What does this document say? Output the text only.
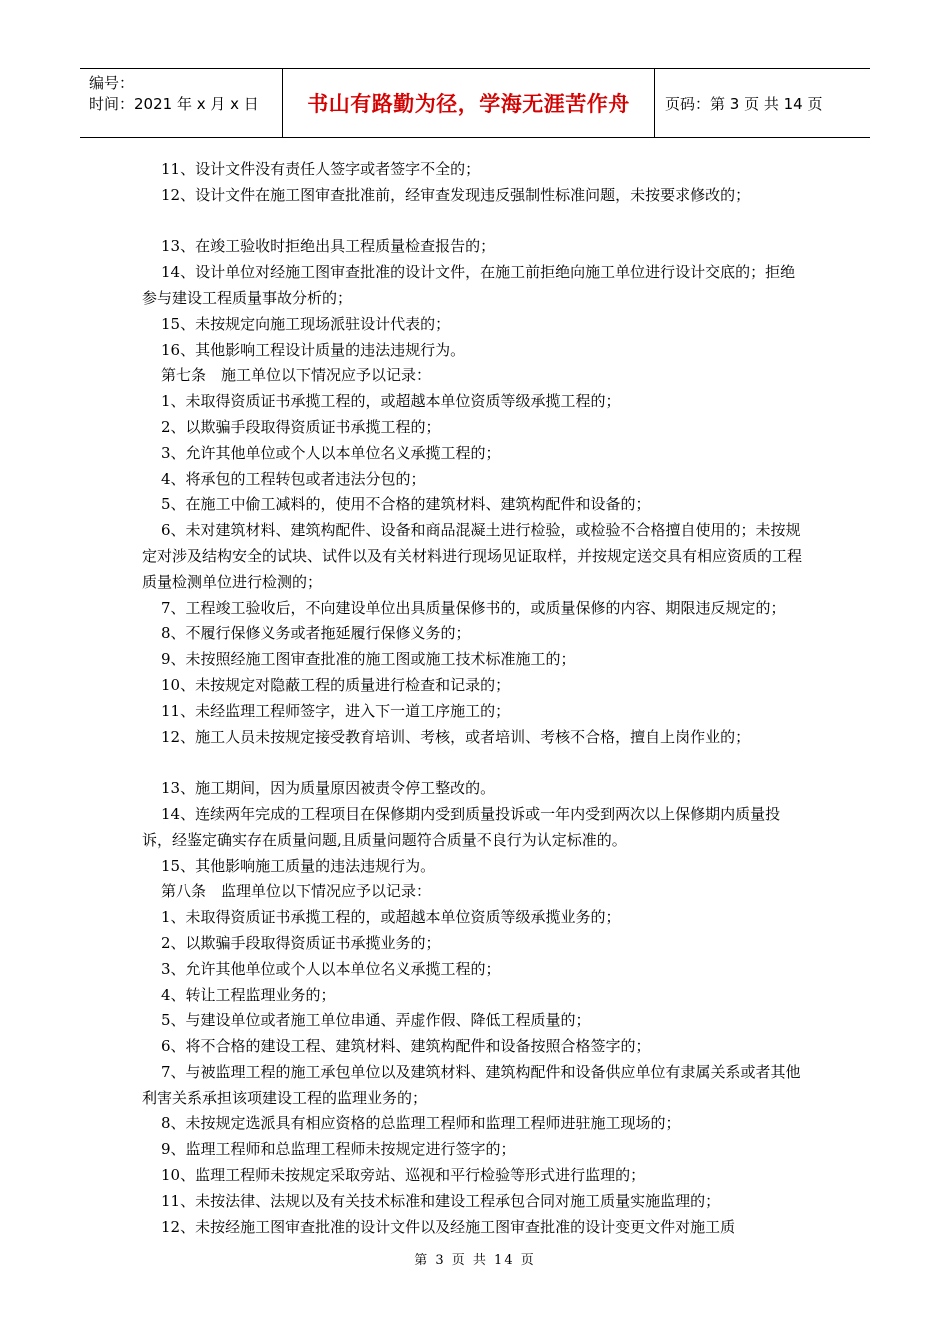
编号：
时间：2021 年 x 月 x 日	书山有路勤为径，学海无涯苦作舟 页码：第 3 页 共 14 页

11、设计文件没有责任人签字或者签字不全的；

12、设计文件在施工图审查批准前，经审查发现违反强制性标准问题，未按要求修改的；

13、在竣工验收时拒绝出具工程质量检查报告的；

14、设计单位对经施工图审查批准的设计文件，在施工前拒绝向施工单位进行设计交底的；拒绝参与建设工程质量事故分析的；

15、未按规定向施工现场派驻设计代表的；

16、其他影响工程设计质量的违法违规行为。

第七条　施工单位以下情况应予以记录：

1、未取得资质证书承揽工程的，或超越本单位资质等级承揽工程的；

2、以欺骗手段取得资质证书承揽工程的；

3、允许其他单位或个人以本单位名义承揽工程的；

4、将承包的工程转包或者违法分包的；

5、在施工中偷工减料的，使用不合格的建筑材料、建筑构配件和设备的；

6、未对建筑材料、建筑构配件、设备和商品混凝土进行检验，或检验不合格擅自使用的；未按规定对涉及结构安全的试块、试件以及有关材料进行现场见证取样，并按规定送交具有相应资质的工程质量检测单位进行检测的；

7、工程竣工验收后，不向建设单位出具质量保修书的，或质量保修的内容、期限违反规定的；

8、不履行保修义务或者拖延履行保修义务的；

9、未按照经施工图审查批准的施工图或施工技术标准施工的；

10、未按规定对隐蔽工程的质量进行检查和记录的；

11、未经监理工程师签字，进入下一道工序施工的；

12、施工人员未按规定接受教育培训、考核，或者培训、考核不合格，擅自上岗作业的；

13、施工期间，因为质量原因被责令停工整改的。

14、连续两年完成的工程项目在保修期内受到质量投诉或一年内受到两次以上保修期内质量投诉，经鉴定确实存在质量问题,且质量问题符合质量不良行为认定标准的。

15、其他影响施工质量的违法违规行为。

第八条　监理单位以下情况应予以记录：

1、未取得资质证书承揽工程的，或超越本单位资质等级承揽业务的；

2、以欺骗手段取得资质证书承揽业务的；

3、允许其他单位或个人以本单位名义承揽工程的；

4、转让工程监理业务的；

5、与建设单位或者施工单位串通、弄虚作假、降低工程质量的；

6、将不合格的建设工程、建筑材料、建筑构配件和设备按照合格签字的；

7、与被监理工程的施工承包单位以及建筑材料、建筑构配件和设备供应单位有隶属关系或者其他利害关系承担该项建设工程的监理业务的；

8、未按规定选派具有相应资格的总监理工程师和监理工程师进驻施工现场的；

9、监理工程师和总监理工程师未按规定进行签字的；

10、监理工程师未按规定采取旁站、巡视和平行检验等形式进行监理的；

11、未按法律、法规以及有关技术标准和建设工程承包合同对施工质量实施监理的；

12、未按经施工图审查批准的设计文件以及经施工图审查批准的设计变更文件对施工质

第 3 页 共 14 页
